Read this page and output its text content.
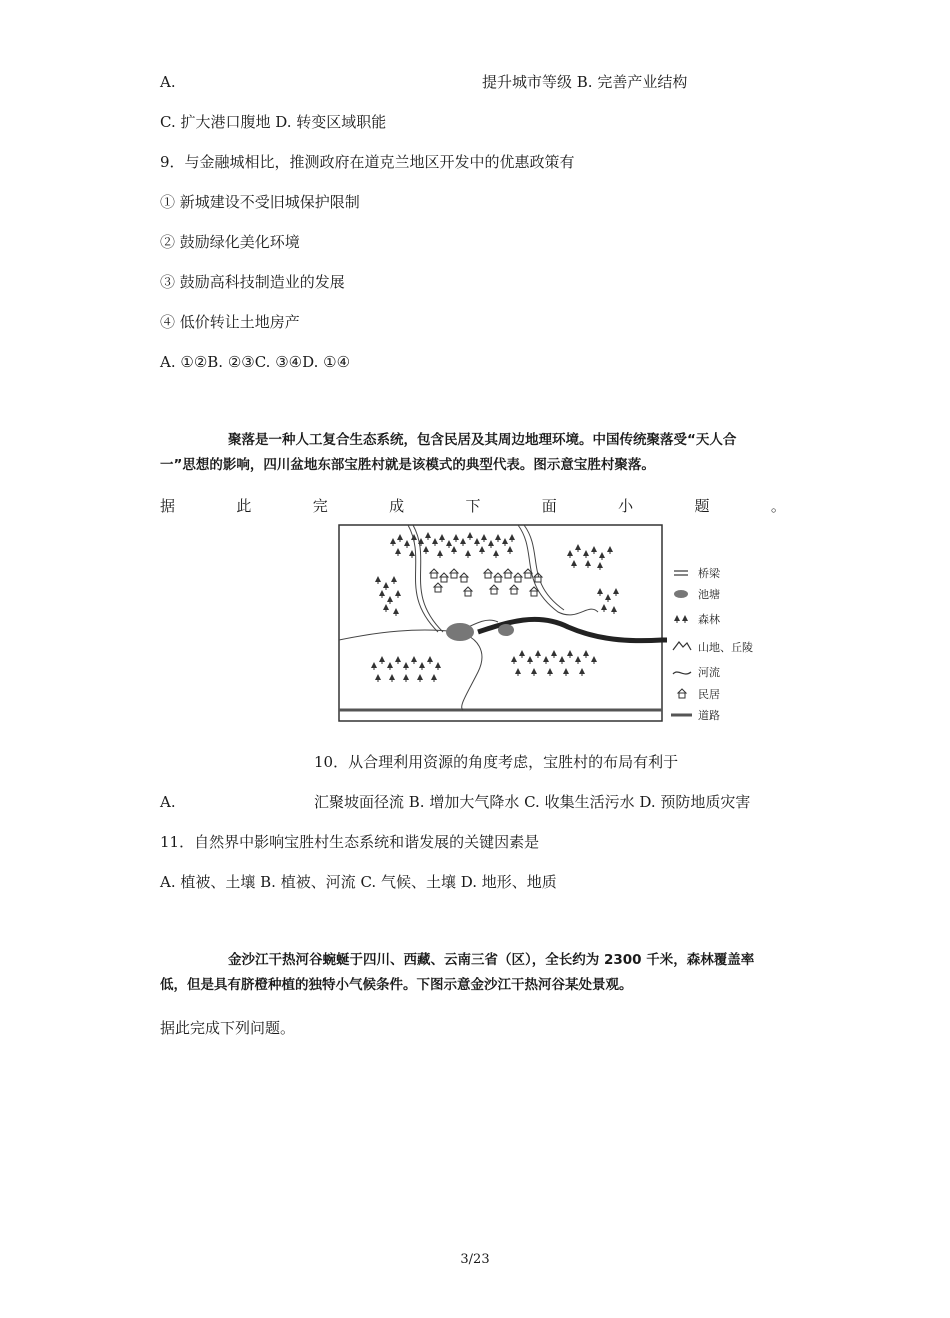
A.	提升城市等级 B. 完善产业结构
C. 扩大港口腹地 D. 转变区域职能
9．与金融城相比，推测政府在道克兰地区开发中的优惠政策有
① 新城建设不受旧城保护限制
② 鼓励绿化美化环境
③ 鼓励高科技制造业的发展
④ 低价转让土地房产
A. ①②B. ②③C. ③④D. ①④
聚落是一种人工复合生态系统，包含民居及其周边地理环境。中国传统聚落受“天人合
一”思想的影响，四川盆地东部宝胜村就是该模式的典型代表。图示意宝胜村聚落。
据	此	完	成	下	面	小	题	。
桥梁
池塘
森林
山地、丘陵
河流
民居
道路
10．从合理利用资源的角度考虑，宝胜村的布局有利于
A.	汇聚坡面径流 B. 增加大气降水 C. 收集生活污水 D. 预防地质灾害
11．自然界中影响宝胜村生态系统和谐发展的关键因素是
A. 植被、土壤 B. 植被、河流 C. 气候、土壤 D. 地形、地质
金沙江干热河谷蜿蜒于四川、西藏、云南三省（区），全长约为 2300 千米，森林覆盖率
低，但是具有脐橙种植的独特小气候条件。下图示意金沙江干热河谷某处景观。
据此完成下列问题。
3/23
